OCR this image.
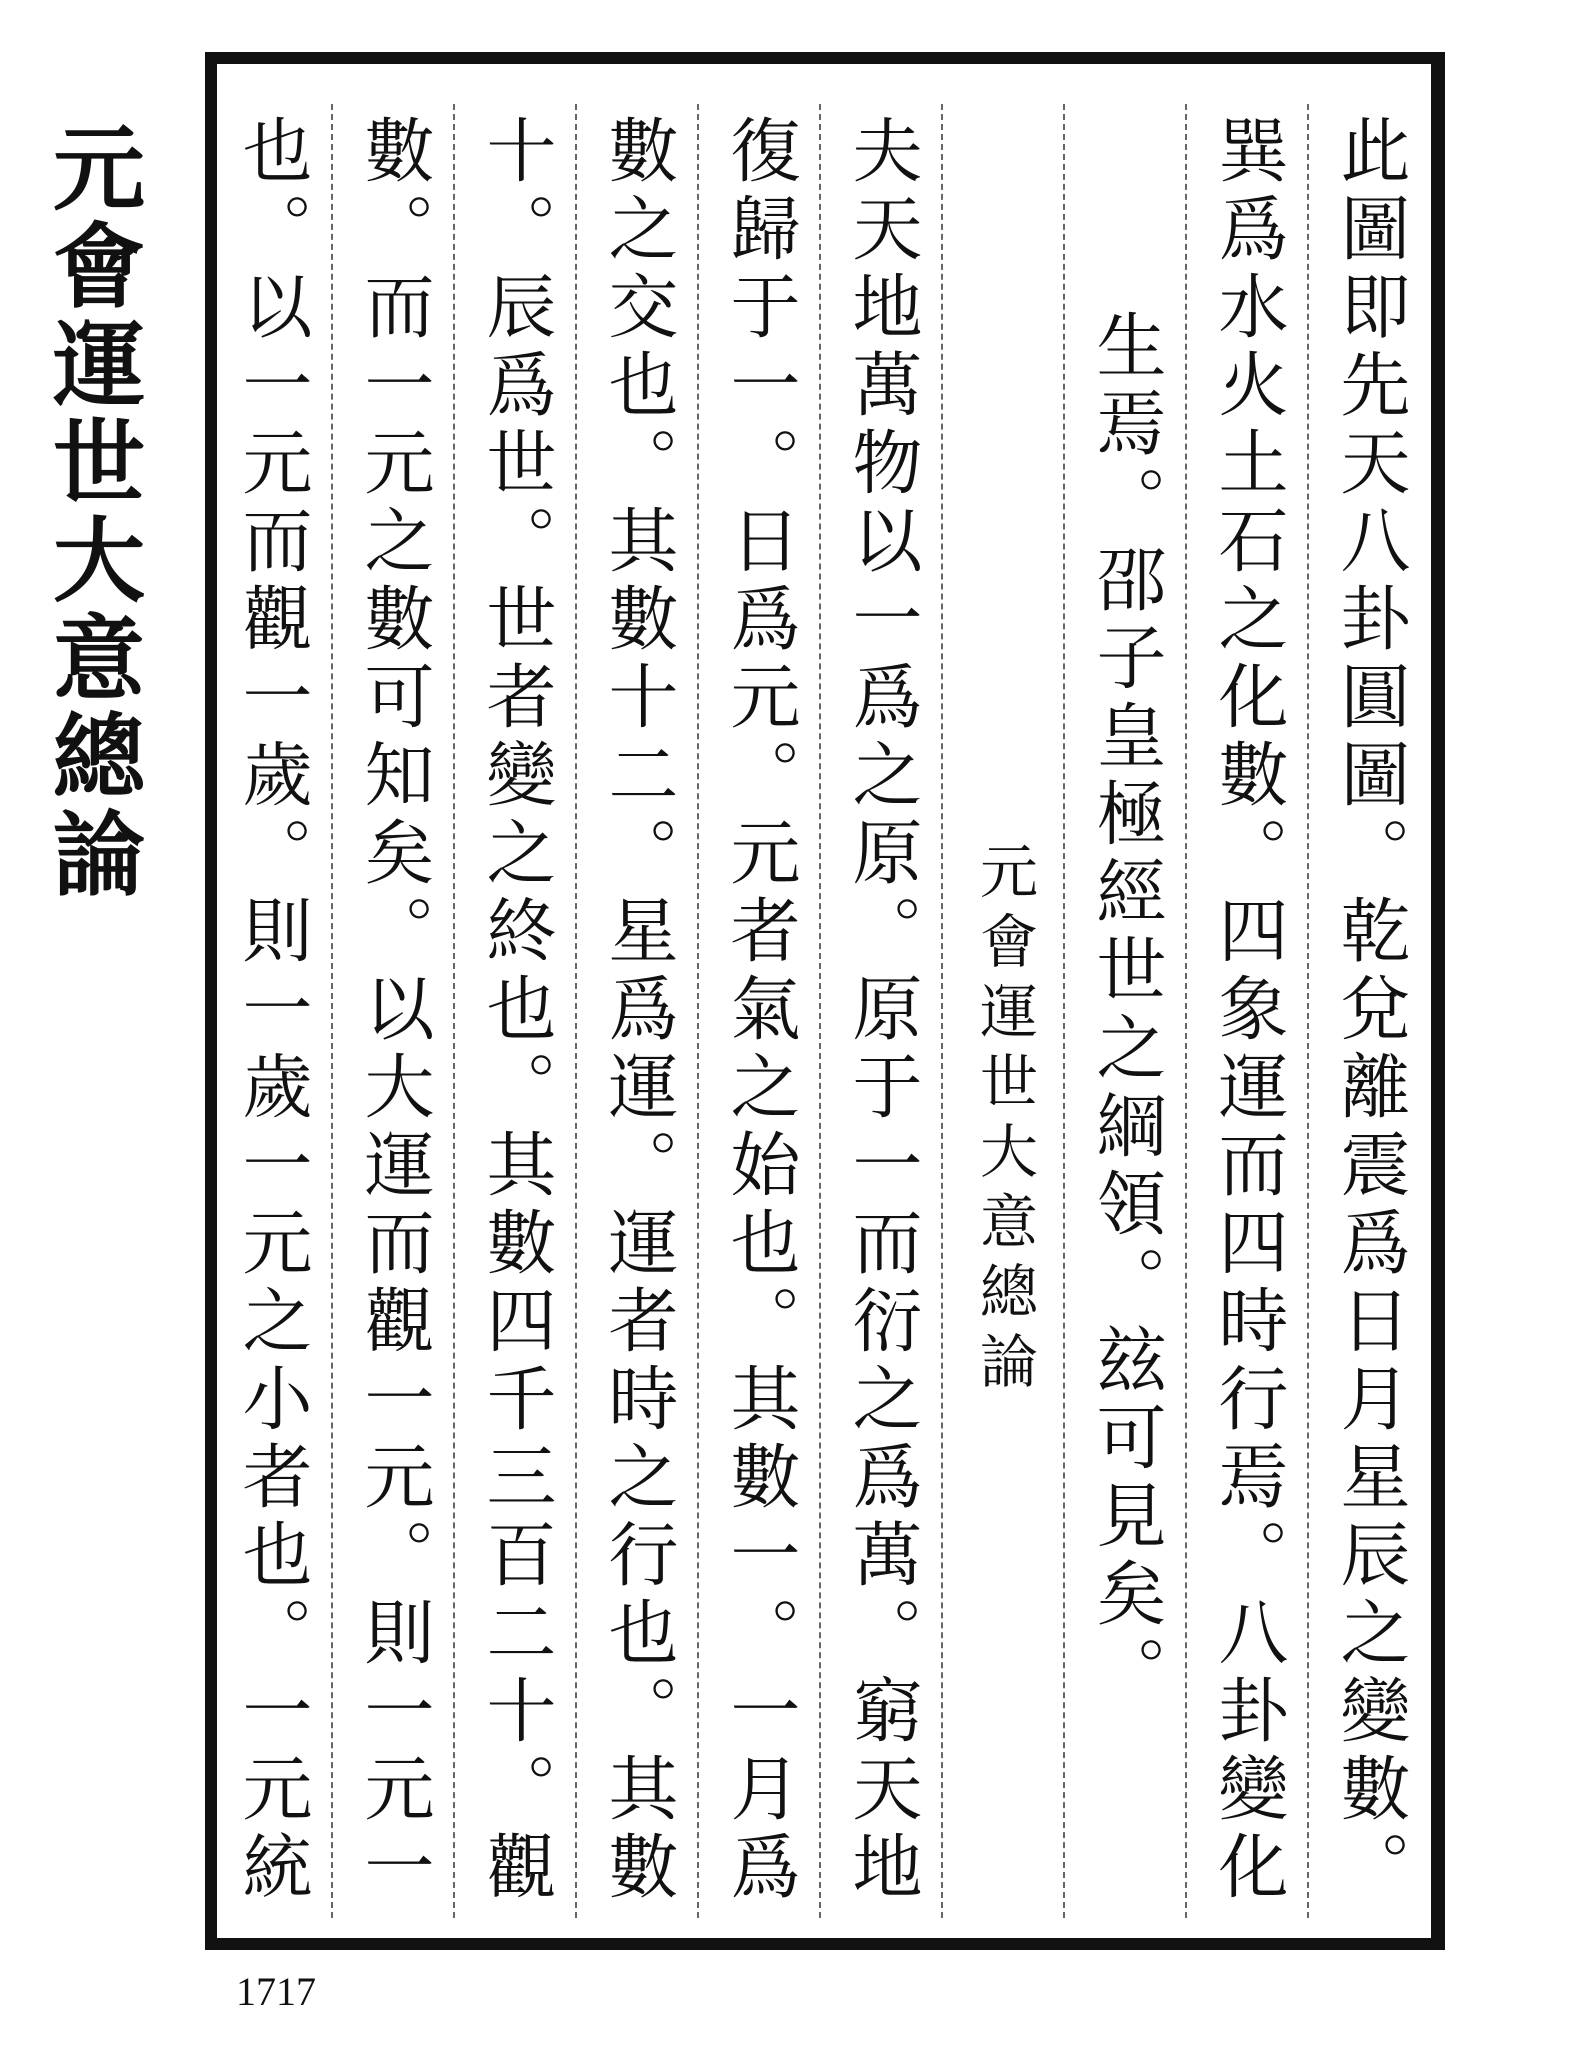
元會運世大意總論	此圖即先天八卦圓圖。乾兌離震爲日月星辰之變數。
巽爲水火土石之化數。四象運而四時行焉。八卦變化
生焉。邵子皇極經世之綱領。玆可見矣。
元會運世大意總論
夫天地萬物以一爲之原。原于一而衍之爲萬。窮天地
復歸于一。日爲元。元者氣之始也。其數一。一月爲
數之交也。其數十二。星爲運。運者時之行也。其數
十。辰爲世。世者變之終也。其數四千三百二十。觀
數。而一元之數可知矣。以大運而觀一元。則一元一
也。以一元而觀一歲。則一歲一元之小者也。一元統
1717
